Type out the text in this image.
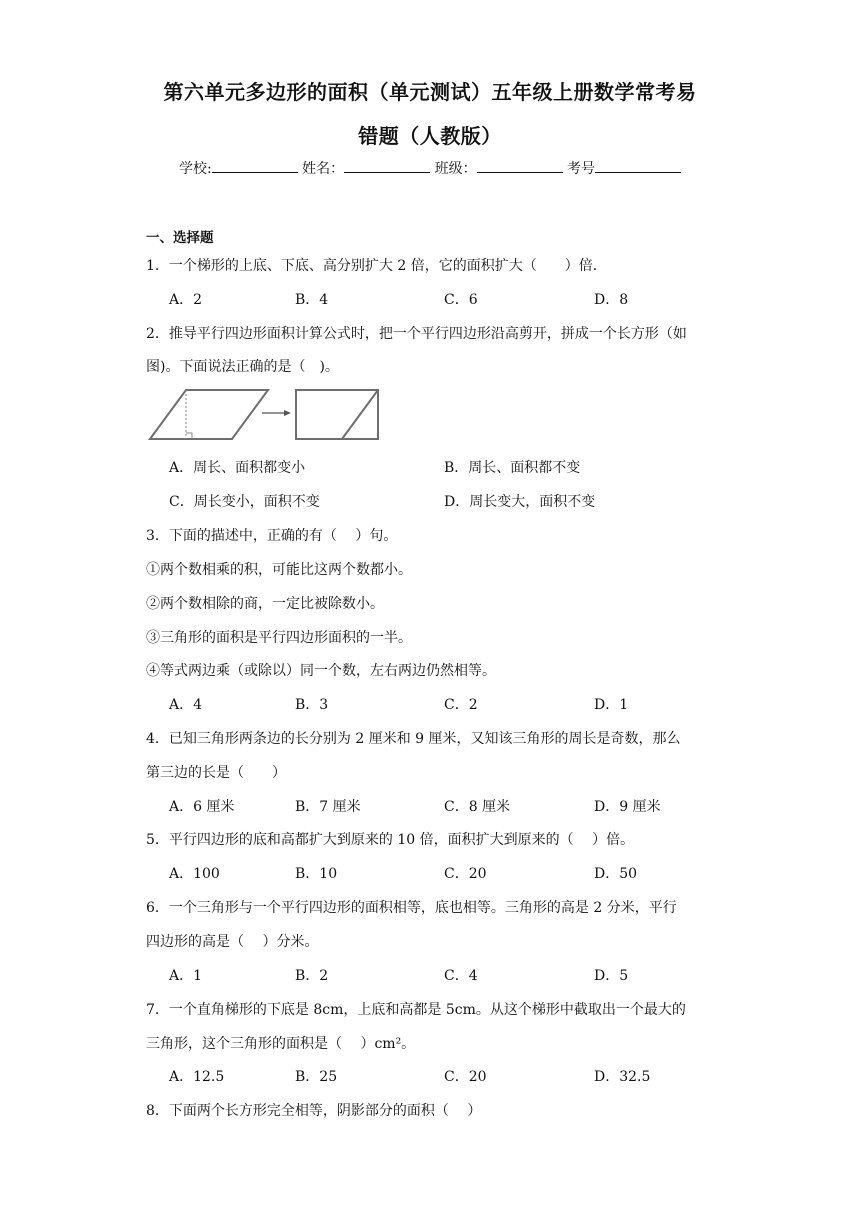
第六单元多边形的面积（单元测试）五年级上册数学常考易
错题（人教版）
学校:	姓名：	班级：	考号
一、选择题
1．一个梯形的上底、下底、高分别扩大 2 倍，它的面积扩大（　　）倍．
A．2	B．4	C．6	D．8
2．推导平行四边形面积计算公式时，把一个平行四边形沿高剪开，拼成一个长方形（如
图)。下面说法正确的是（　)。
A．周长、面积都变小	B．周长、面积都不变
C．周长变小，面积不变	D．周长变大，面积不变
3．下面的描述中，正确的有（　 ）句。
①两个数相乘的积，可能比这两个数都小。
②两个数相除的商，一定比被除数小。
③三角形的面积是平行四边形面积的一半。
④等式两边乘（或除以）同一个数，左右两边仍然相等。
A．4	B．3	C．2	D．1
4．已知三角形两条边的长分别为 2 厘米和 9 厘米，又知该三角形的周长是奇数，那么
第三边的长是（　　）
A．6 厘米	B．7 厘米	C．8 厘米	D．9 厘米
5．平行四边形的底和高都扩大到原来的 10 倍，面积扩大到原来的（　 ）倍。
A．100	B．10	C．20	D．50
6．一个三角形与一个平行四边形的面积相等，底也相等。三角形的高是 2 分米，平行
四边形的高是（　 ）分米。
A．1	B．2	C．4	D．5
7．一个直角梯形的下底是 8cm，上底和高都是 5cm。从这个梯形中截取出一个最大的
三角形，这个三角形的面积是（　 ）cm²。
A．12.5	B．25	C．20	D．32.5
8．下面两个长方形完全相等，阴影部分的面积（　 ）
